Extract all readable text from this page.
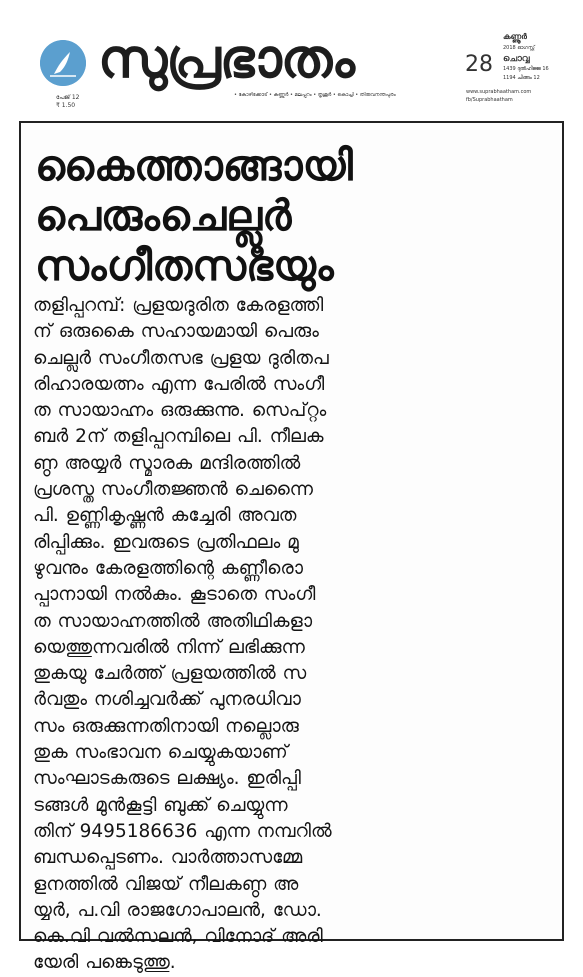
പേജ് 12
₹ 1.50
സുപ്രഭാതം
• കോഴിക്കോട് • കണ്ണൂർ • മലപ്പുറം • തൃശൂർ • കൊച്ചി • തിരുവനന്തപുരം
28
കണ്ണൂർ
2018 ഓഗസ്റ്റ്
ചൊവ്വ
1439 ദുൽഹിജ്ജ 16
1194 ചിങ്ങം 12
www.suprabhaatham.com
fb/Suprabhaatham
കൈത്താങ്ങായി
പെരുംചെല്ലൂർ
സംഗീതസഭയും
തളിപ്പറമ്പ്: പ്രളയദുരിത കേരളത്തി
ന് ഒരുകൈ സഹായമായി പെരും
ചെല്ലൂർ സംഗീതസഭ പ്രളയ ദുരിതപ
രിഹാരയത്നം എന്ന പേരിൽ സംഗീ
ത സായാഹ്നം ഒരുക്കുന്നു. സെപ്റ്റം
ബർ 2ന് തളിപ്പറമ്പിലെ പി. നീലക
ണ്ഠ അയ്യർ സ്മാരക മന്ദിരത്തിൽ
പ്രശസ്ത സംഗീതജ്ഞൻ ചെന്നൈ
പി. ഉണ്ണികൃഷ്ണൻ കച്ചേരി അവത
രിപ്പിക്കും. ഇവരുടെ പ്രതിഫലം മു
ഴുവനും കേരളത്തിന്റെ കണ്ണീരൊ
പ്പാനായി നൽകും. കൂടാതെ സംഗീ
ത സായാഹ്നത്തിൽ അതിഥികളാ
യെത്തുന്നവരിൽ നിന്ന് ലഭിക്കുന്ന
തുകയു ചേർത്ത് പ്രളയത്തിൽ സ
ർവതും നശിച്ചവർക്ക് പുനരധിവാ
സം ഒരുക്കുന്നതിനായി നല്ലൊരു
തുക സംഭാവന ചെയ്യുകയാണ്
സംഘാടകരുടെ ലക്ഷ്യം. ഇരിപ്പി
ടങ്ങൾ മുൻകൂട്ടി ബുക്ക് ചെയ്യുന്ന
തിന് 9495186636 എന്ന നമ്പറിൽ
ബന്ധപ്പെടണം. വാർത്താസമ്മേ
ളനത്തിൽ വിജയ് നീലകണ്ഠ അ
യ്യർ, പ.വി രാജഗോപാലൻ, ഡോ.
കെ.വി വൽസലൻ, വിനോദ് അരി
യേരി പങ്കെടുത്തു.
